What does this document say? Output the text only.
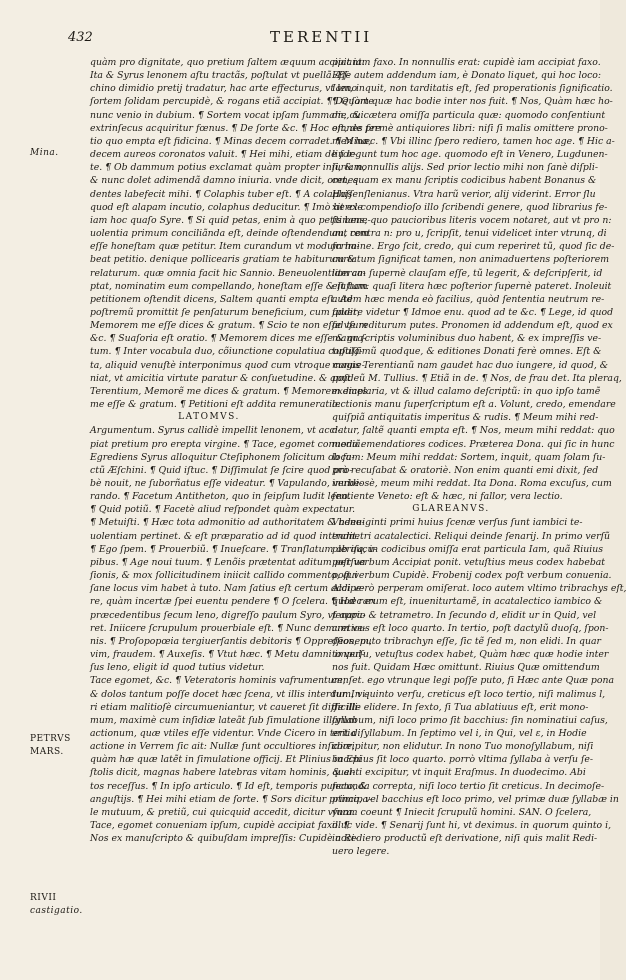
432	TERENTII
Mina.
PETRVS
MARS.
RIVII
castigatio.
quàm pro dignitate, quo pretium ſaltem æquum accipiant.
Ita & Syrus lenonem aſtu tractãs, poſtulat vt puellã Æſ-
chino dimidio pretij tradatur, hac arte effecturus, vt leno
ſortem ſolidam percupidè, & rogans etiã accipiat. ¶ De ſorte
nunc venio in dubium. ¶ Sortem vocat ipſam ſummam, cui
extrinſecus acquiritur fœnus. ¶ De ſorte &c. ¶ Hoc eſt, de pre
tio quo empta eſt fidicina. ¶ Minas decem corradet. ¶ Mina,
decem aureos coronatos valuit. ¶ Hei mihi, etiam de for-
te. ¶ Ob dammum potius exclamat quàm propter iniuriam,
& nunc dolet adimendã damno iniuria. vnde dicit, omnes
dentes labefecit mihi. ¶ Colaphis tuber eſt. ¶ A colaphis
quod eſt alapam incutio, colaphus deducitur. ¶ Imò hercle
iam hoc quaſo Syre. ¶ Si quid petas, enim à quo petis bene-
uolentia primum conciliãnda eſt, deinde oſtendendum, rem
eſſe honeſtam quæ petitur. Item curandum vt modum ha-
beat petitio. denique pollicearis gratiam te habiturum &
relaturum. quæ omnia facit hic Sannio. Beneuolentiam ca-
ptat, nominatim eum compellando, honeſtam eſſe & iuſtam
petitionem oſtendit dicens, Saltem quanti empta eſt. Ad
poſtremũ promittit ſe penſaturum beneficium, cum addit,
Memorem me eſſe dices & gratum. ¶ Scio te non eſſe vſum
&c. ¶ Suaſoria eſt oratio. ¶ Memorem dices me eſſe & gra-
tum. ¶ Inter vocabula duo, cõiunctione copulatiua copula-
ta, aliquid venuſtè interponimus quod cum vtroque conue-
niat, vt amicitia virtute paratur & conſuetudine. & apud
Terentium, Memorẽ me dices & gratum. ¶ Memorem dices
me eſſe & gratum. ¶ Petitioni eſt addita remuneratio.
LATOMVS.
Argumentum. Syrus callidè impellit lenonem, vt acci-
piat pretium pro erepta virgine. ¶ Tace, egomet conueniã.
Egrediens Syrus alloquitur Cteſiphonem ſolicitum ob fa-
ctũ Æſchini. ¶ Quid iſtuc. ¶ Diſſimulat ſe ſcire quod pro-
bè nouit, ne ſuborñatus eſſe videatur. ¶ Vapulando, verbe-
rando. ¶ Facetum Antitheton, quo in ſeipſum ludit leno.
¶ Quid potiũ. ¶ Facetè aliud reſpondet quàm expectatur.
¶ Metuiſti. ¶ Hæc tota admonitio ad authoritatem & bene-
uolentiam pertinet. & eſt præparatio ad id quod intendit.
¶ Ego ſpem. ¶ Prouerbiũ. ¶ Inueſcare. ¶ Tranſlatum ab aucu-
pibus. ¶ Age noui tuum. ¶ Lenõis prætentat aditum perſua
ſionis, & mox ſollicitudinem iniicit callido commento, qui
ſane locus vim habet à tuto. Nam ſatius eſt certum accipe-
re, quàm incertæ ſpei euentu pendere ¶ O ſcelera. ¶ Hæc ex
præcedentibus ſecum leno, digreſſo paulum Syro, vt appa-
ret. Iniicere ſcrupulum prouerbiale eſt. ¶ Nunc demum ve-
nis. ¶ Proſopopœia tergiuerſantis debitoris ¶ Oppreſſionem,
vim, fraudem. ¶ Auxeſis. ¶ Vtut hæc. ¶ Metu damni impul-
ſus leno, eligit id quod tutius videtur.
Tace egomet, &c. ¶ Veteratoris hominis vafrumentum,
& dolos tantum poſſe docet hæc ſcena, vt illis interdum, vi-
ri etiam malitioſè circumueniantur, vt caueret ſit difficilli-
mum, maximè cum inſidiæ lateãt ſub ſimulatione illarum
actionum, quæ vtiles eſſe videntur. Vnde Cicero in tertia
actione in Verrem ſic ait: Nullæ ſunt occultiores inſidiæ,
quàm hæ quæ latẽt in ſimulatione officij. Et Plinius in Epi
ſtolis dicit, magnas habere latebras vitam hominis, & al-
tos receſſus. ¶ In ipſo articulo. ¶ Id eſt, temporis puncto, &
anguſtijs. ¶ Hei mihi etiam de ſorte. ¶ Sors dicitur principa-
le mutuum, & pretiũ, cui quicquid accedit, dicitur vſura.
Tace, egomet conueniam ipſum, cupidè accipiat faxo. ¶
Nos ex manuſcripto & quibuſdam impreſſis: Cupidè acci-
piat iam faxo. In nonnullis erat: cupidè iam accipiat faxo.
Eſſe autem addendum iam, è Donato liquet, qui hoc loco:
Iam, inquit, non tarditatis eſt, ſed properationis ſignificatio.
¶ Quàm quæ hac bodie inter nos fuit. ¶ Nos, Quàm hæc ho-
die, & cætera omiſſa particula quæ: quomodo conſentiunt
omnes fermè antiquiores libri: niſi ſi malis omittere prono-
men hæc. ¶ Vbi illinc ſpero rediero, tamen hoc age. ¶ Hic a-
liu legunt tum hoc age. quomodo eſt in Venero, Lugdunen-
ſi, & nonnullis alijs. Sed prior lectio mihi non ſanè diſpli-
cet, quam ex manu ſcriptis codicibus habent Bonanus &
Haſſenſlenianus. Vtra harũ verior, alij viderint. Error ſlu
xit ex compendioſo illo ſcribendi genere, quod librarius fe-
ſtinans, quo paucioribus literis vocem notaret, aut vt pro n:
aut contra n: pro u, ſcripſit, tenui videlicet inter vtrunq, di
ſcrimine. Ergo ſcit, credo, qui cum reperiret tũ, quod ſic de-
curtatum ſignificat tamen, non animaduertens poſteriorem
literam ſupernè clauſam eſſe, tũ legerit, & deſcripſerit, id
eſt tum: quaſi litera hæc poſterior ſupernè pateret. Inoleuit
autem hæc menda eò facilius, quòd ſententia neutrum re-
ſpuere videtur ¶ Idmoe enu. quod ad te &c. ¶ Lege, id quod
ad te rediturum putes. Pronomen id addendum eſt, quod ex
manu ſcriptis voluminibus duo habent, & ex impreſſis ve-
tuſtiſſimũ quodque, & editiones Donati ferè omnes. Eſt &
magis Terentianũ nam gaudet hac duo iungere, id quod, &
poſt eũ M. Tullius. ¶ Etiã in de. ¶ Nos, de frau det. Ita pleraq,
exemplaria, vt & illud calamo deſcriptũ: in quo ipſo tamẽ
lectionis manu ſuperſcriptum eſt a. Volunt, credo, emendare
quiſpiã antiquitatis imperitus & rudis. ¶ Meum mihi red-
datur, ſaltẽ quanti empta eſt. ¶ Nos, meum mihi reddat: quo
modo emendatiores codices. Præterea Dona. qui ſic in hunc
locum: Meum mihi reddat: Sortem, inquit, quam ſolam ſu-
prà recuſabat & oratoriè. Non enim quanti emi dixit, ſed
inuidiosè, meum mihi reddat. Ita Dona. Roma excuſus, cum
ſentiente Veneto: eſt & hæc, ni fallor, vera lectio.
GLAREANVS.
Vndeuiginti primi huius ſcenæ verſus ſunt iambici te-
trametri acatalectici. Reliqui deinde ſenarij. In primo verſũ
pleriſq, in codicibus omiſſa erat particula Iam, quã Riuius
poſt verbum Accipiat ponit. vetuſtius meus codex habebat
poſt verbum Cupidè. Frobenij codex poſt verbum conuenia.
Aldi verò perperam omiſerat. loco autem vltimo tribrachys eſt,
quod rarum eſt, inueniturtamẽ, in acatalectico iambico &
ſenario & tetrametro. In ſecundo d, elidit ur in Quid, vel
creticus eſt loco quarto. In tertio, poſt dactylũ duoſq, ſpon-
deos, puto tribrachyn eſſe, ſic tẽ ſed m, non elidi. In quar
to verſu, vetuſtus codex habet, Quàm hæc quæ hodie inter
nos fuit. Quidam Hæc omittunt. Riuius Quæ omittendum
cenſet. ego vtrunque legi poſſe puto, ſi Hæc ante Quæ pona
tur. In quinto verſu, creticus eſt loco tertio, niſi malimus l,
de ille elidere. In ſexto, ſi Tua ablatiuus eſt, erit mono-
ſyllabum, niſi loco primo ſit bacchius: ſin nominatiui caſus,
erit diſyllabum. In ſeptimo vel i, in Qui, vel ε, in Hodie
corripitur, non elidutur. In nono Tuo monoſyllabum, niſi
bacchius ſit loco quarto. porrò vltima ſyllaba à verſu ſe-
quenti excipitur, vt inquit Eraſmus. In duodecimo. Abi
ſecunda correpta, niſi loco tertio ſit creticus. In decimoſe-
ptimo, vel bacchius eſt loco primo, vel primæ duæ ſyllabæ in
vnam coeunt ¶ Iniecit ſcrupulũ homini. SAN. O ſcelera,
illuc vide. ¶ Senarij ſunt hi, vt deximus. in quorum quinto i,
in Rediero productũ eſt derivatione, niſi quis malit Redi-
uero legere.
